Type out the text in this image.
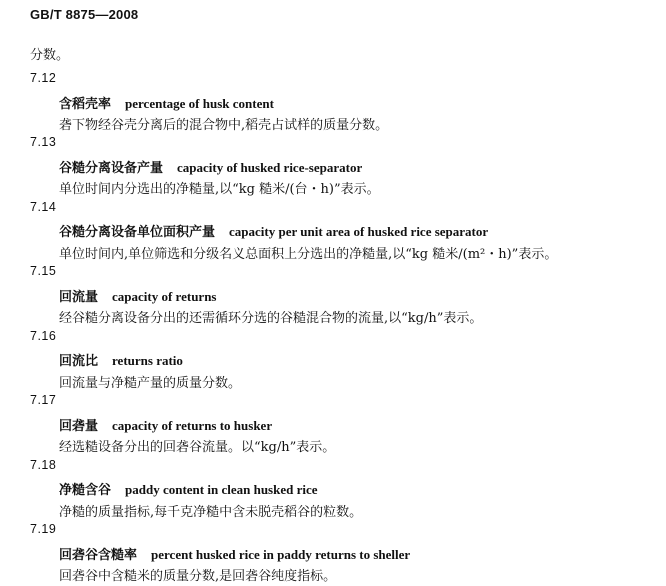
GB/T 8875—2008
分数。
7.12
含稻壳率 percentage of husk content
砻下物经谷壳分离后的混合物中,稻壳占试样的质量分数。
7.13
谷糙分离设备产量 capacity of husked rice-separator
单位时间内分选出的净糙量,以“kg 糙米/(台・h)”表示。
7.14
谷糙分离设备单位面积产量 capacity per unit area of husked rice separator
单位时间内,单位筛选和分级名义总面积上分选出的净糙量,以“kg 糙米/(m²・h)”表示。
7.15
回流量 capacity of returns
经谷糙分离设备分出的还需循环分选的谷糙混合物的流量,以“kg/h”表示。
7.16
回流比 returns ratio
回流量与净糙产量的质量分数。
7.17
回砻量 capacity of returns to husker
经选糙设备分出的回砻谷流量。以“kg/h”表示。
7.18
净糙含谷 paddy content in clean husked rice
净糙的质量指标,每千克净糙中含未脱壳稻谷的粒数。
7.19
回砻谷含糙率 percent husked rice in paddy returns to sheller
回砻谷中含糙米的质量分数,是回砻谷纯度指标。
